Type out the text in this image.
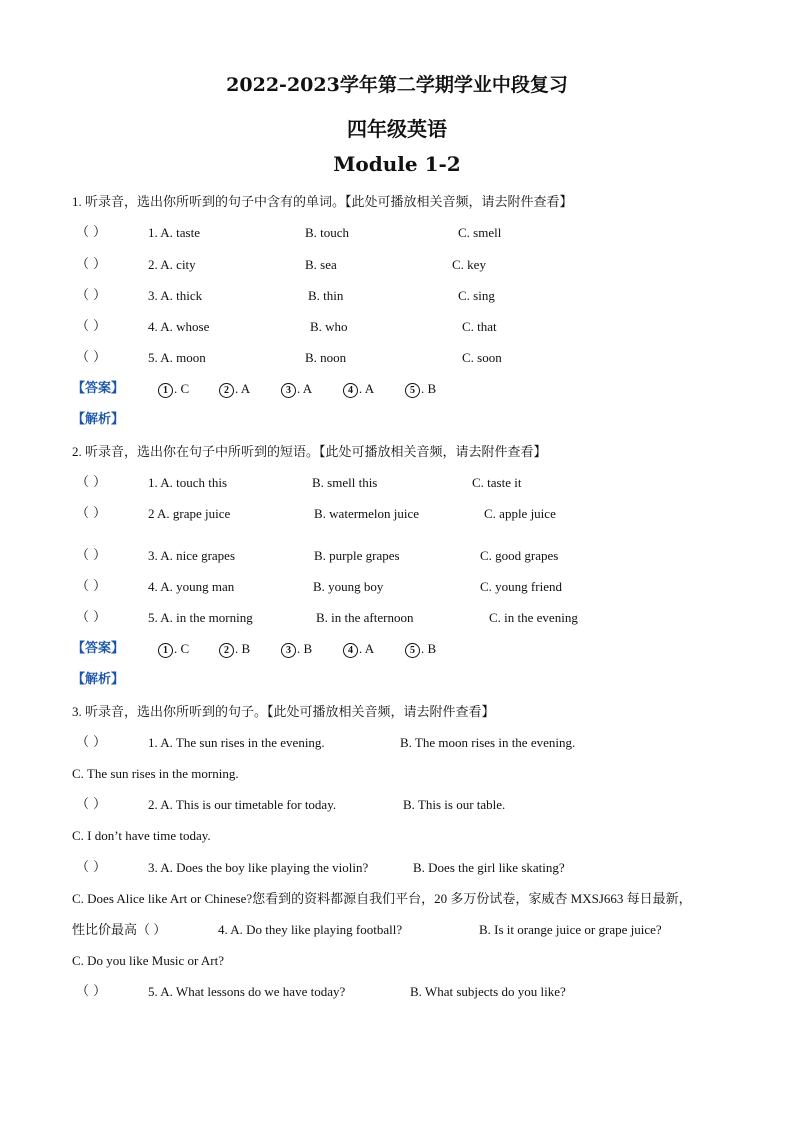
2022-2023学年第二学期学业中段复习
四年级英语
Module 1-2
1. 听录音，选出你所听到的句子中含有的单词。【此处可播放相关音频，请去附件查看】
（ ）	1. A. taste	B. touch	C. smell
（ ）	2. A. city	B. sea	C. key
（ ）	3. A. thick	B. thin	C. sing
（ ）	4. A. whose	B. who	C. that
（ ）	5. A. moon	B. noon	C. soon
【答案】	1 . C	2 . A	3 . A	4 . A	5 . B
【解析】
2. 听录音，选出你在句子中所听到的短语。【此处可播放相关音频，请去附件查看】
（ ）	1. A. touch this	B. smell this	C. taste it
（ ）	2 A. grape juice	B. watermelon juice	C. apple juice
（ ）	3. A. nice grapes	B. purple grapes	C. good grapes
（ ）	4. A. young man	B. young boy	C. young friend
（ ）	5. A. in the morning	B. in the afternoon	C. in the evening
【答案】	1 . C	2 . B	3 . B	4 . A	5 . B
【解析】
3. 听录音，选出你所听到的句子。【此处可播放相关音频，请去附件查看】
（ ）	1. A. The sun rises in the evening.	B. The moon rises in the evening.
C. The sun rises in the morning.
（ ）	2. A. This is our timetable for today.	B. This is our table.
C. I don’t have time today.
（ ）	3. A. Does the boy like playing the violin?	B. Does the girl like skating?
C. Does Alice like Art or Chinese?您看到的资料都源自我们平台，20 多万份试卷，家威杏 MXSJ663 每日最新，
性比价最高（ ）	4. A. Do they like playing football?	B. Is it orange juice or grape juice?
C. Do you like Music or Art?
（ ）	5. A. What lessons do we have today?	B. What subjects do you like?
